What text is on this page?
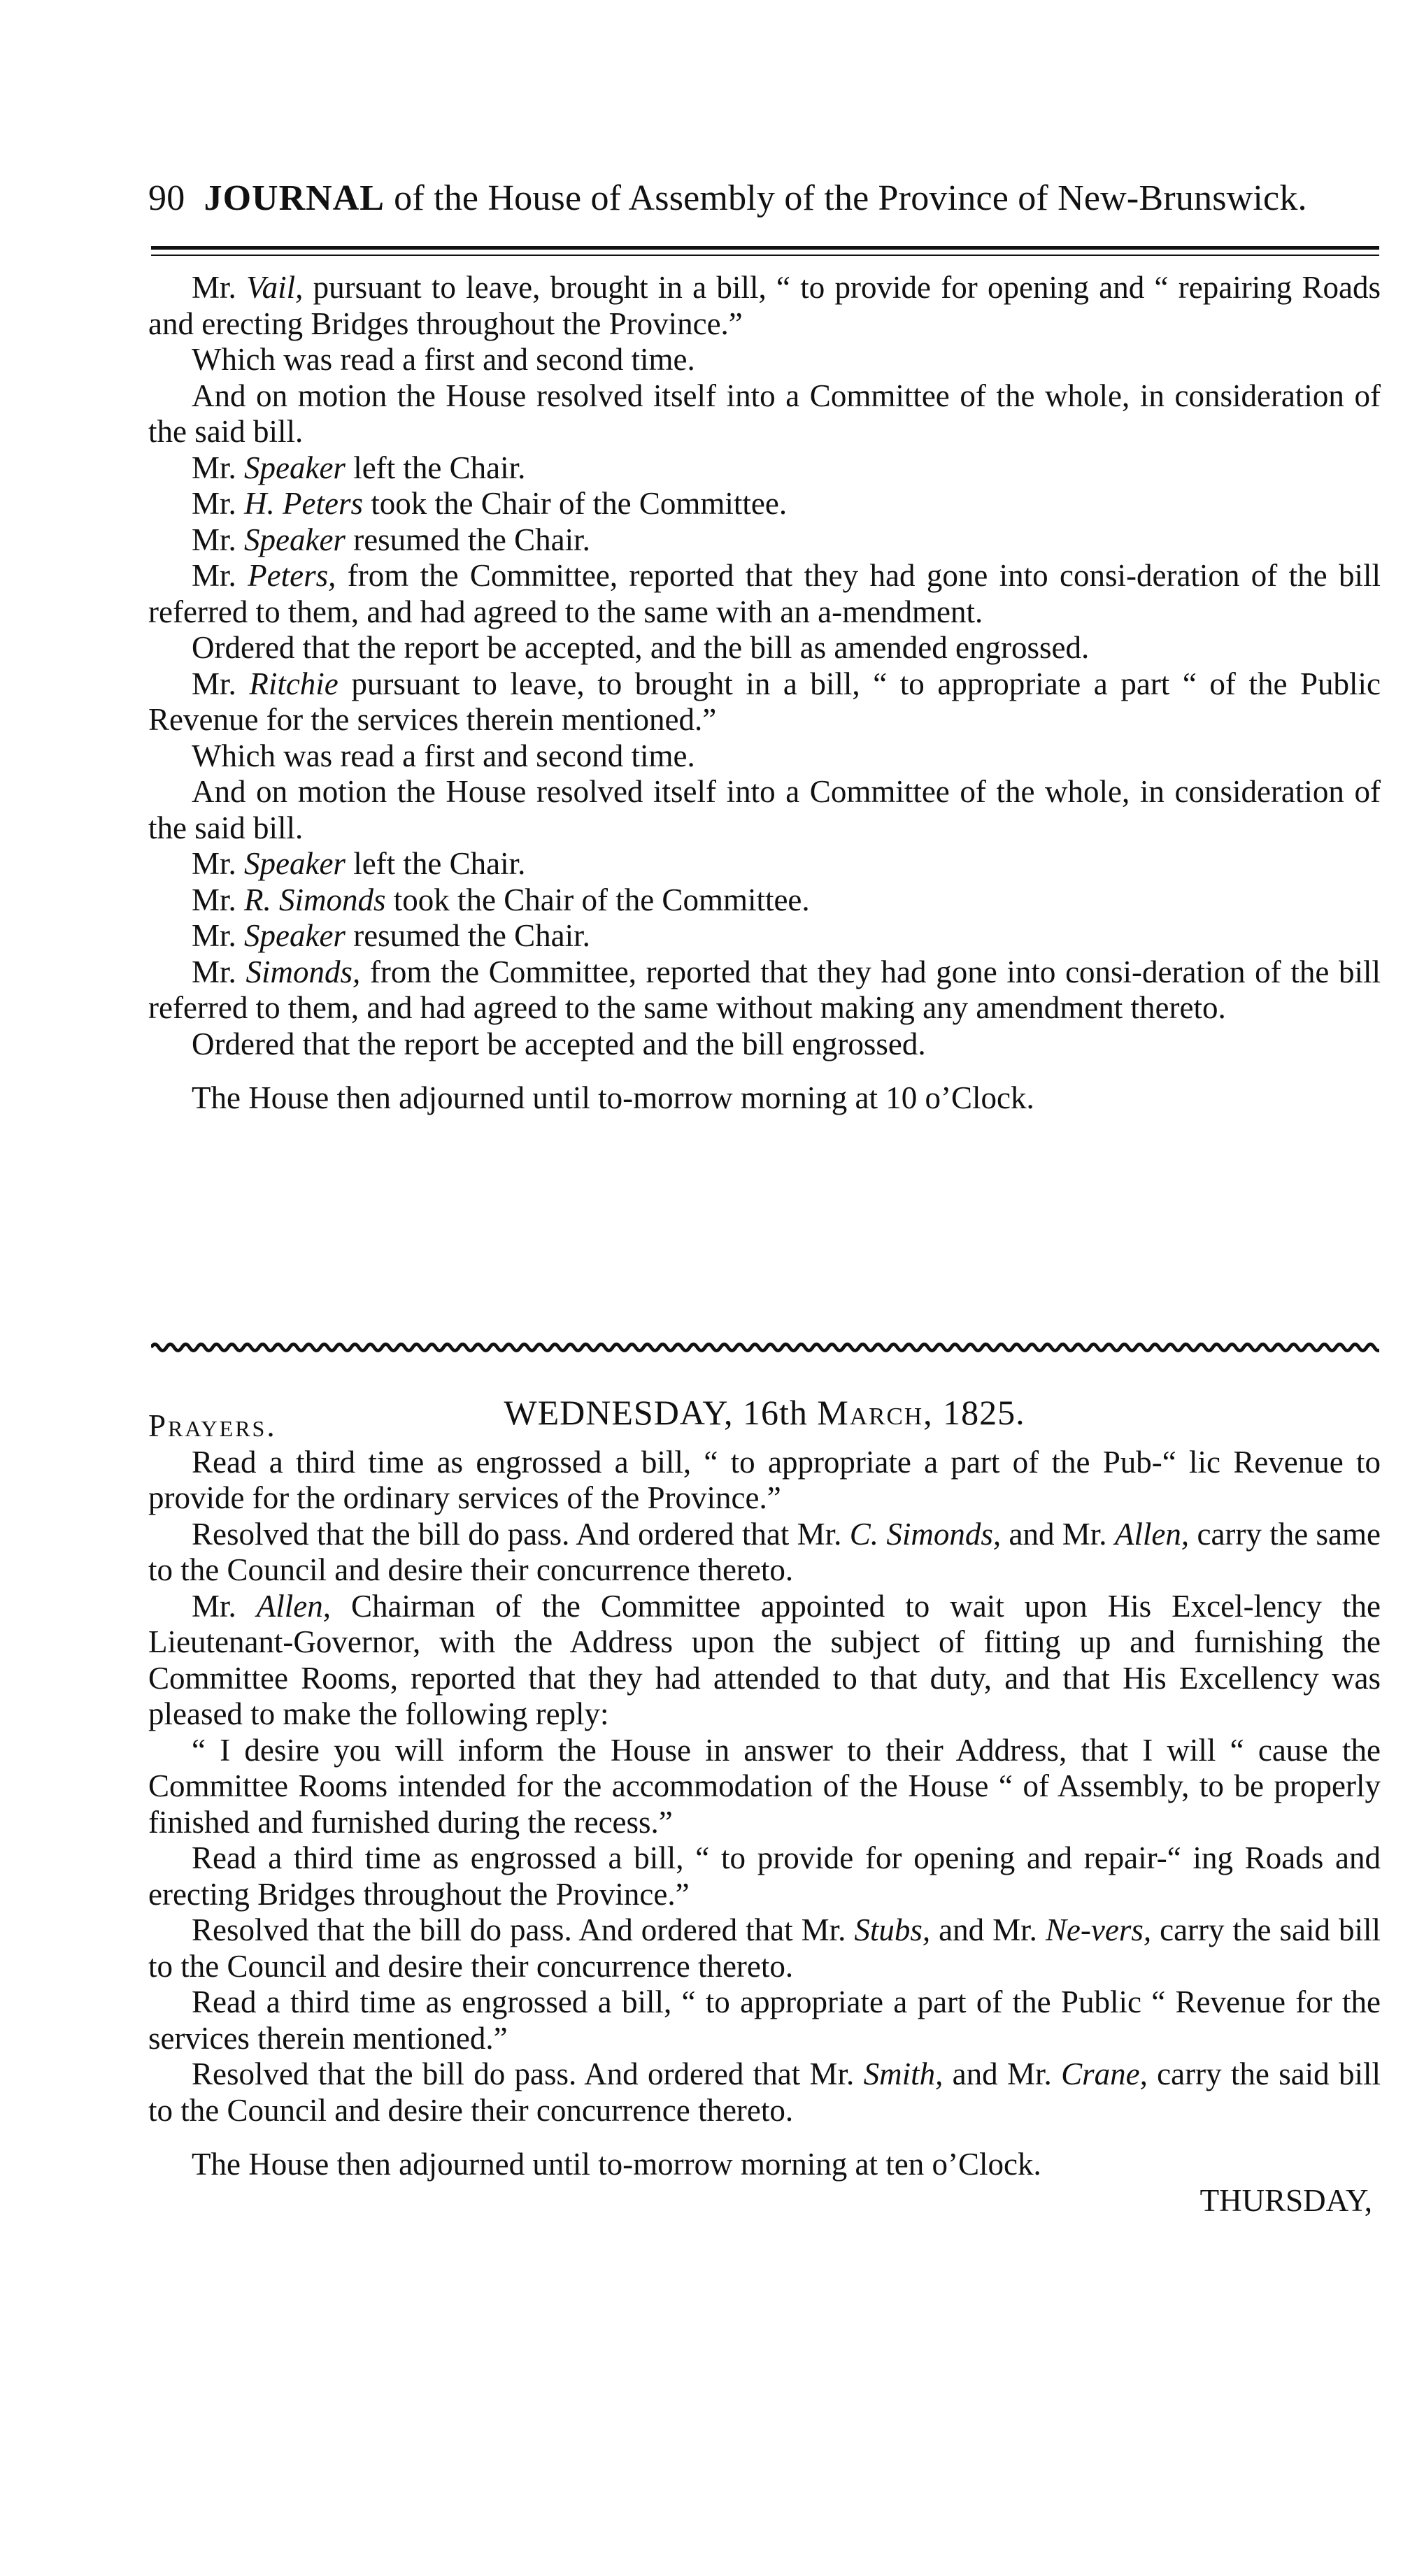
90 JOURNAL of the House of Assembly of the Province of New-Brunswick.

Mr. Vail, pursuant to leave, brought in a bill, “ to provide for opening and “ repairing Roads and erecting Bridges throughout the Province.”

Which was read a first and second time.

And on motion the House resolved itself into a Committee of the whole, in consideration of the said bill.

Mr. Speaker left the Chair.

Mr. H. Peters took the Chair of the Committee.

Mr. Speaker resumed the Chair.

Mr. Peters, from the Committee, reported that they had gone into consi-deration of the bill referred to them, and had agreed to the same with an a-mendment.

Ordered that the report be accepted, and the bill as amended engrossed.

Mr. Ritchie pursuant to leave, to brought in a bill, “ to appropriate a part “ of the Public Revenue for the services therein mentioned.”

Which was read a first and second time.

And on motion the House resolved itself into a Committee of the whole, in consideration of the said bill.

Mr. Speaker left the Chair.

Mr. R. Simonds took the Chair of the Committee.

Mr. Speaker resumed the Chair.

Mr. Simonds, from the Committee, reported that they had gone into consi-deration of the bill referred to them, and had agreed to the same without making any amendment thereto.

Ordered that the report be accepted and the bill engrossed.

The House then adjourned until to-morrow morning at 10 o’Clock.

WEDNESDAY, 16th March, 1825.

Prayers.

Read a third time as engrossed a bill, “ to appropriate a part of the Pub-“ lic Revenue to provide for the ordinary services of the Province.”

Resolved that the bill do pass. And ordered that Mr. C. Simonds, and Mr. Allen, carry the same to the Council and desire their concurrence thereto.

Mr. Allen, Chairman of the Committee appointed to wait upon His Excel-lency the Lieutenant-Governor, with the Address upon the subject of fitting up and furnishing the Committee Rooms, reported that they had attended to that duty, and that His Excellency was pleased to make the following reply:

“ I desire you will inform the House in answer to their Address, that I will “ cause the Committee Rooms intended for the accommodation of the House “ of Assembly, to be properly finished and furnished during the recess.”

Read a third time as engrossed a bill, “ to provide for opening and repair-“ ing Roads and erecting Bridges throughout the Province.”

Resolved that the bill do pass. And ordered that Mr. Stubs, and Mr. Ne-vers, carry the said bill to the Council and desire their concurrence thereto.

Read a third time as engrossed a bill, “ to appropriate a part of the Public “ Revenue for the services therein mentioned.”

Resolved that the bill do pass. And ordered that Mr. Smith, and Mr. Crane, carry the said bill to the Council and desire their concurrence thereto.

The House then adjourned until to-morrow morning at ten o’Clock.

THURSDAY,
